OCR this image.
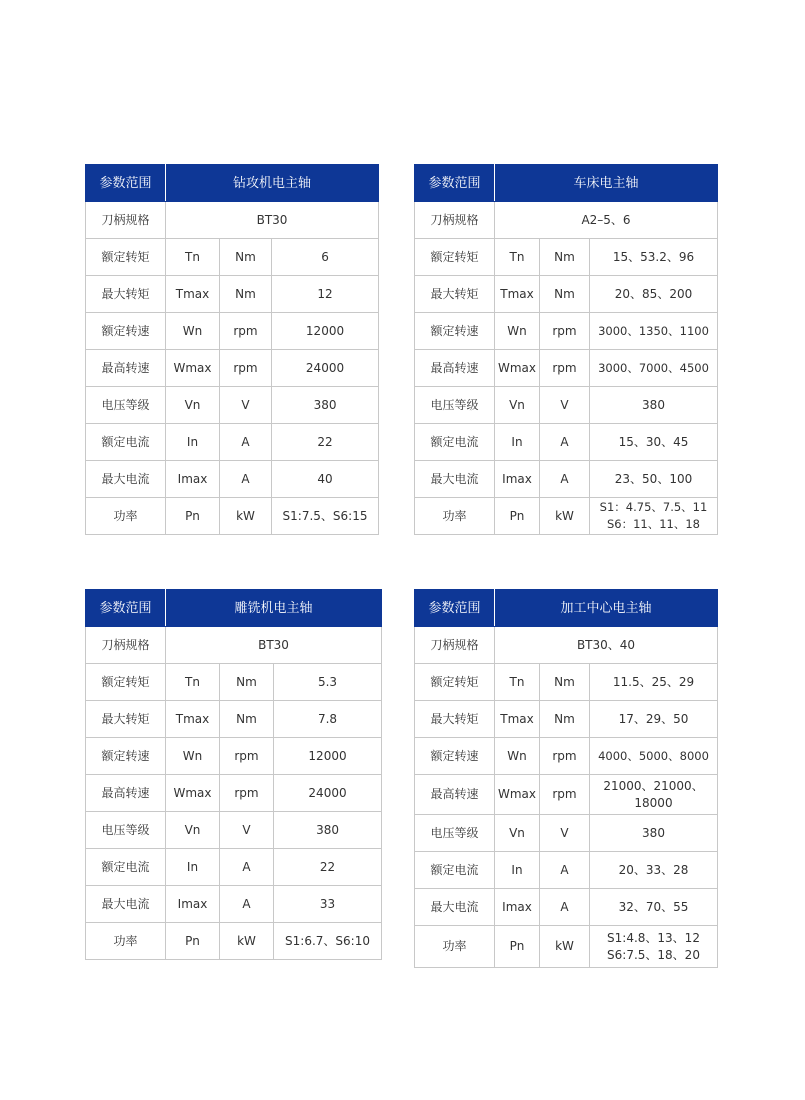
参数范围	钻攻机电主轴		
刀柄规格	BT30		
额定转矩	Tn	Nm	6
最大转矩	Tmax	Nm	12
额定转速	Wn	rpm	12000
最高转速	Wmax	rpm	24000
电压等级	Vn	V	380
额定电流	In	A	22
最大电流	Imax	A	40
功率	Pn	kW	S1:7.5、S6:15
参数范围	车床电主轴		
刀柄规格	A2–5、6		
额定转矩	Tn	Nm	15、53.2、96
最大转矩	Tmax	Nm	20、85、200
额定转速	Wn	rpm	3000、1350、1100
最高转速	Wmax	rpm	3000、7000、4500
电压等级	Vn	V	380
额定电流	In	A	15、30、45
最大电流	Imax	A	23、50、100
功率	Pn	kW	S1：4.75、7.5、11
S6：11、11、18
参数范围	雕铣机电主轴		
刀柄规格	BT30		
额定转矩	Tn	Nm	5.3
最大转矩	Tmax	Nm	7.8
额定转速	Wn	rpm	12000
最高转速	Wmax	rpm	24000
电压等级	Vn	V	380
额定电流	In	A	22
最大电流	Imax	A	33
功率	Pn	kW	S1:6.7、S6:10
参数范围	加工中心电主轴		
刀柄规格	BT30、40		
额定转矩	Tn	Nm	11.5、25、29
最大转矩	Tmax	Nm	17、29、50
额定转速	Wn	rpm	4000、5000、8000
最高转速	Wmax	rpm	21000、21000、
18000
电压等级	Vn	V	380
额定电流	In	A	20、33、28
最大电流	Imax	A	32、70、55
功率	Pn	kW	S1:4.8、13、12
S6:7.5、18、20
